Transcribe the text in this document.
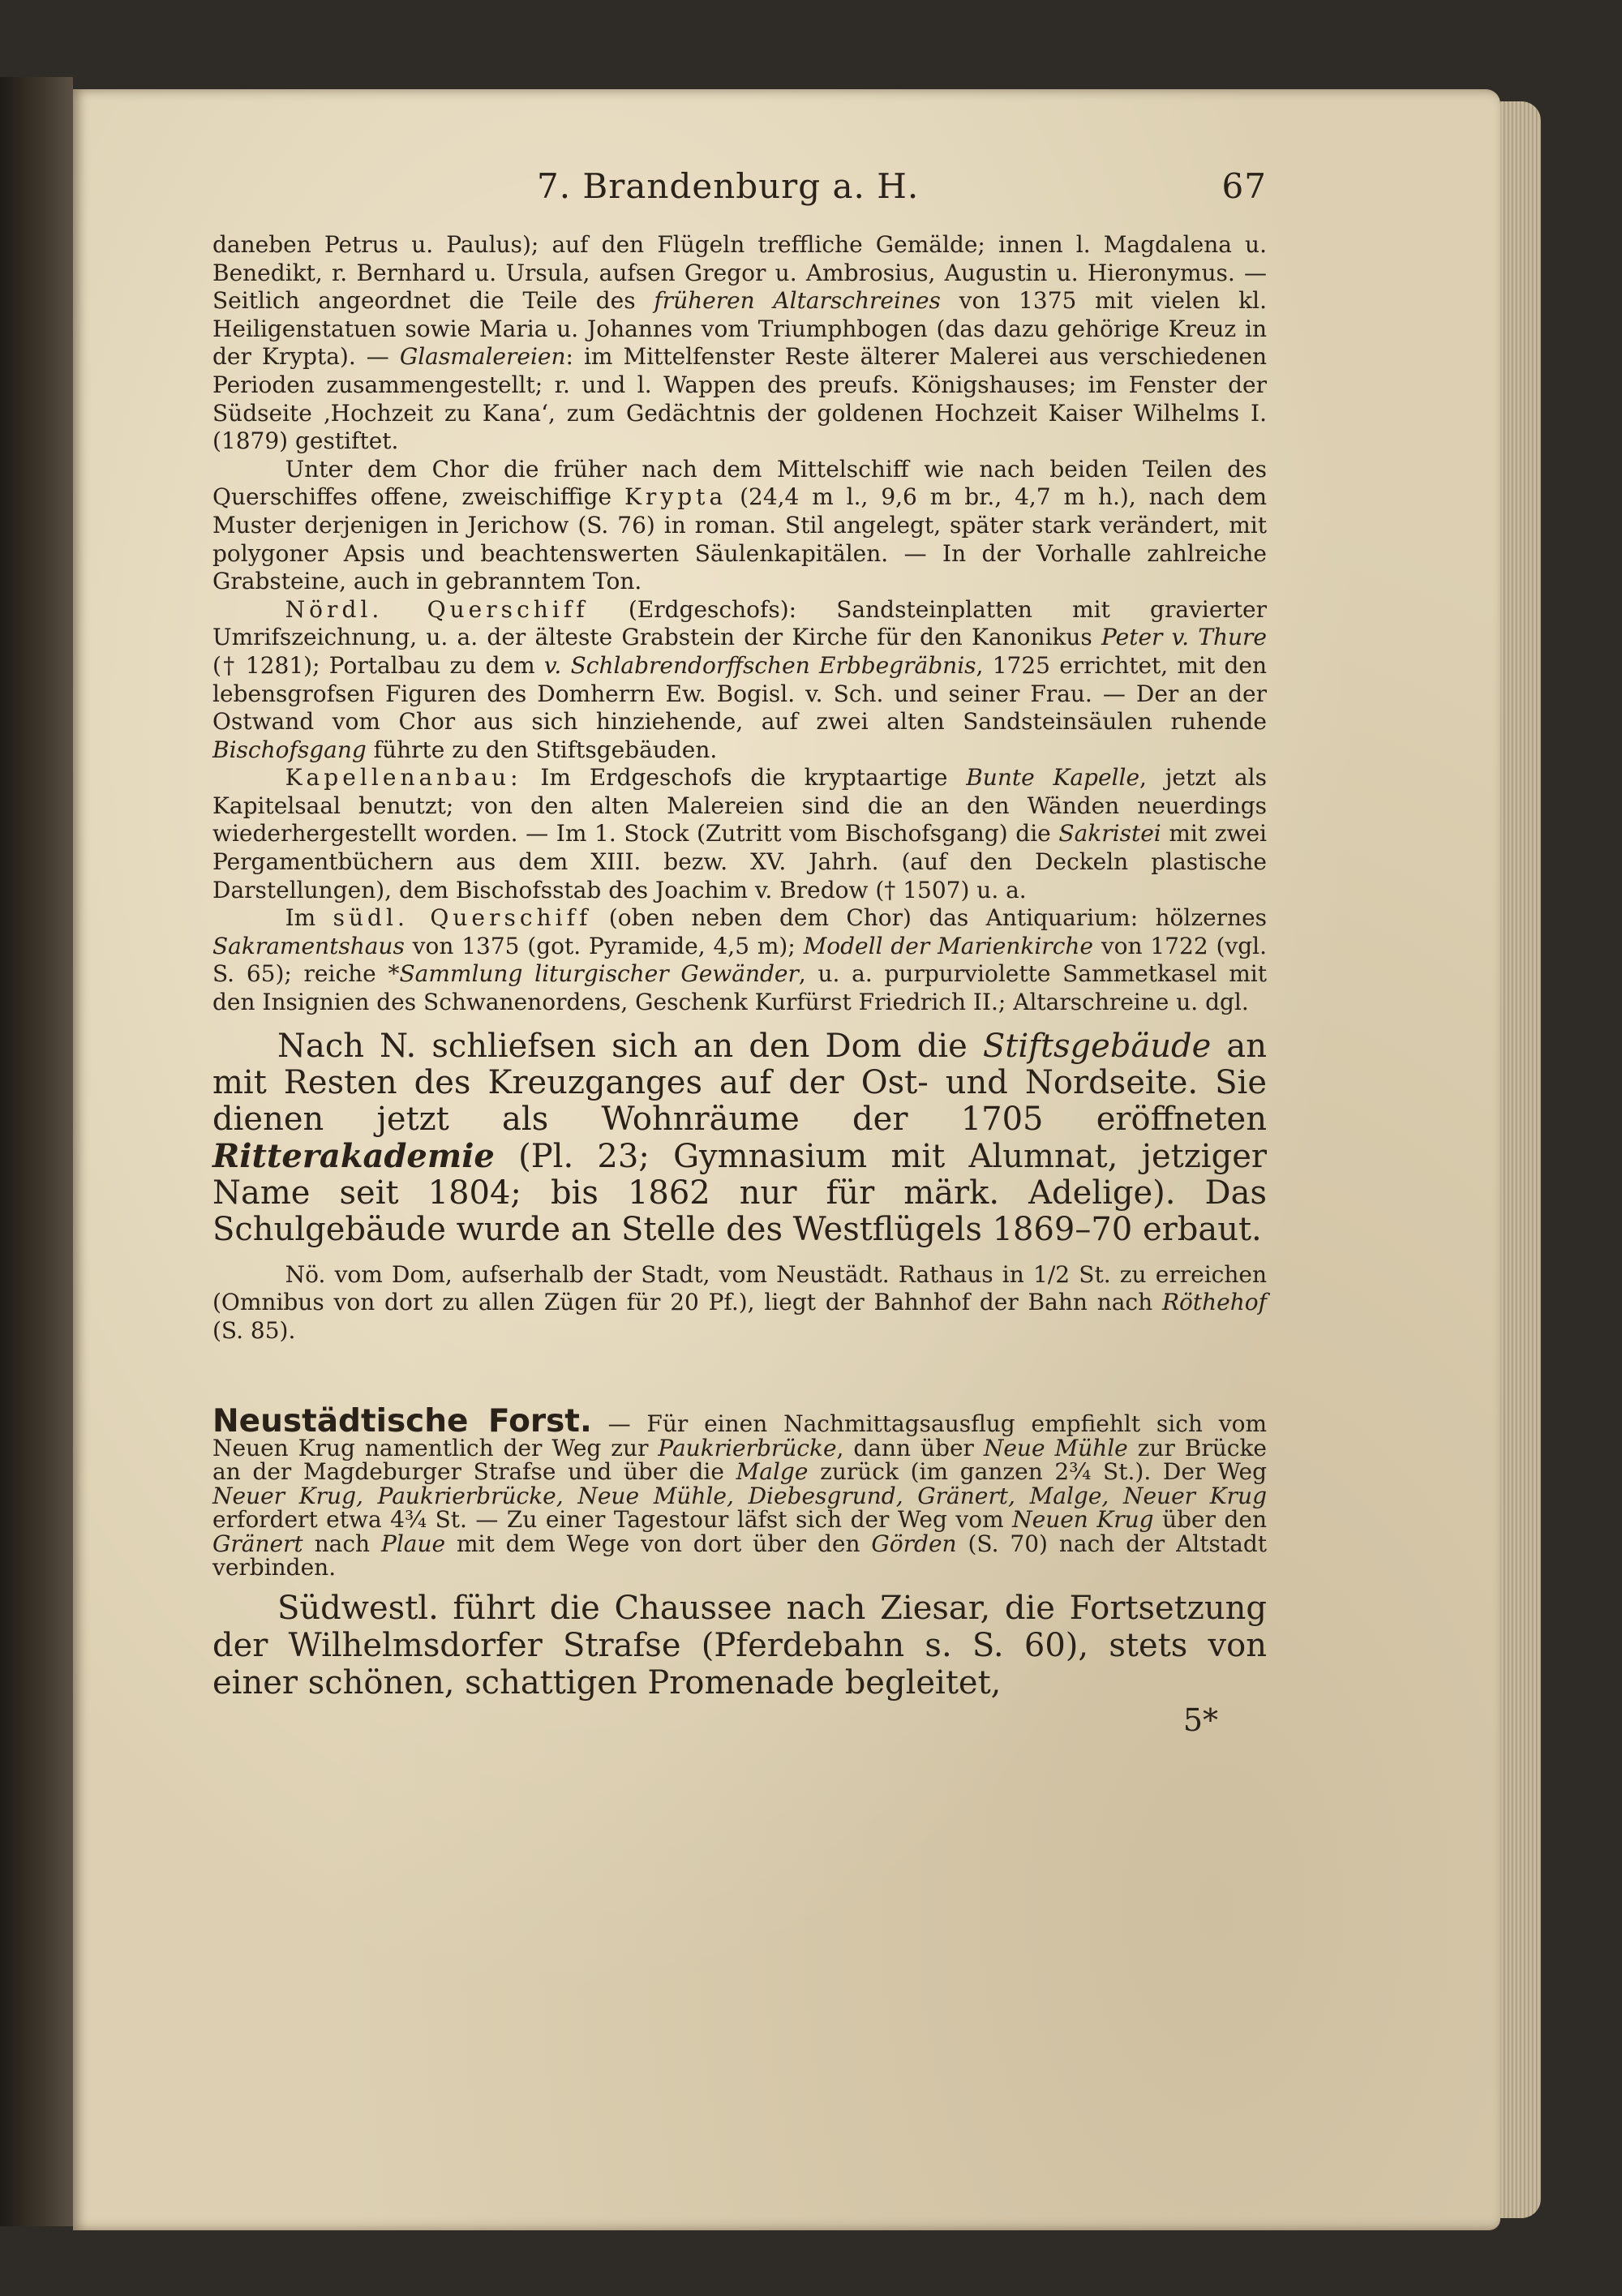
7. Brandenburg a. H.	67

daneben Petrus u. Paulus); auf den Flügeln treffliche Gemälde; innen l. Magdalena u. Benedikt, r. Bernhard u. Ursula, aufsen Gregor u. Ambrosius, Augustin u. Hieronymus. — Seitlich angeordnet die Teile des früheren Altarschreines von 1375 mit vielen kl. Heiligenstatuen sowie Maria u. Johannes vom Triumphbogen (das dazu gehörige Kreuz in der Krypta). — Glasmalereien: im Mittelfenster Reste älterer Malerei aus verschiedenen Perioden zusammengestellt; r. und l. Wappen des preufs. Königshauses; im Fenster der Südseite ‚Hochzeit zu Kana‘, zum Gedächtnis der goldenen Hochzeit Kaiser Wilhelms I. (1879) gestiftet.

Unter dem Chor die früher nach dem Mittelschiff wie nach beiden Teilen des Querschiffes offene, zweischiffige Krypta (24,4 m l., 9,6 m br., 4,7 m h.), nach dem Muster derjenigen in Jerichow (S. 76) in roman. Stil angelegt, später stark verändert, mit polygoner Apsis und beachtenswerten Säulenkapitälen. — In der Vorhalle zahlreiche Grabsteine, auch in gebranntem Ton.

Nördl. Querschiff (Erdgeschofs): Sandsteinplatten mit gravierter Umrifszeichnung, u. a. der älteste Grabstein der Kirche für den Kanonikus Peter v. Thure († 1281); Portalbau zu dem v. Schlabrendorffschen Erbbegräbnis, 1725 errichtet, mit den lebensgrofsen Figuren des Domherrn Ew. Bogisl. v. Sch. und seiner Frau. — Der an der Ostwand vom Chor aus sich hinziehende, auf zwei alten Sandsteinsäulen ruhende Bischofsgang führte zu den Stiftsgebäuden.

Kapellenanbau: Im Erdgeschofs die kryptaartige Bunte Kapelle, jetzt als Kapitelsaal benutzt; von den alten Malereien sind die an den Wänden neuerdings wiederhergestellt worden. — Im 1. Stock (Zutritt vom Bischofsgang) die Sakristei mit zwei Pergamentbüchern aus dem XIII. bezw. XV. Jahrh. (auf den Deckeln plastische Darstellungen), dem Bischofsstab des Joachim v. Bredow († 1507) u. a.

Im südl. Querschiff (oben neben dem Chor) das Antiquarium: hölzernes Sakramentshaus von 1375 (got. Pyramide, 4,5 m); Modell der Marienkirche von 1722 (vgl. S. 65); reiche *Sammlung liturgischer Gewänder, u. a. purpurviolette Sammetkasel mit den Insignien des Schwanenordens, Geschenk Kurfürst Friedrich II.; Altarschreine u. dgl.

Nach N. schliefsen sich an den Dom die Stiftsgebäude an mit Resten des Kreuzganges auf der Ost- und Nordseite. Sie dienen jetzt als Wohnräume der 1705 eröffneten Ritterakademie (Pl. 23; Gymnasium mit Alumnat, jetziger Name seit 1804; bis 1862 nur für märk. Adelige). Das Schulgebäude wurde an Stelle des Westflügels 1869–70 erbaut.

Nö. vom Dom, aufserhalb der Stadt, vom Neustädt. Rathaus in 1/2 St. zu erreichen (Omnibus von dort zu allen Zügen für 20 Pf.), liegt der Bahnhof der Bahn nach Röthehof (S. 85).

Neustädtische Forst. — Für einen Nachmittagsausflug empfiehlt sich vom Neuen Krug namentlich der Weg zur Paukrierbrücke, dann über Neue Mühle zur Brücke an der Magdeburger Strafse und über die Malge zurück (im ganzen 2¾ St.). Der Weg Neuer Krug, Paukrierbrücke, Neue Mühle, Diebesgrund, Gränert, Malge, Neuer Krug erfordert etwa 4¾ St. — Zu einer Tagestour läfst sich der Weg vom Neuen Krug über den Gränert nach Plaue mit dem Wege von dort über den Görden (S. 70) nach der Altstadt verbinden.

Südwestl. führt die Chaussee nach Ziesar, die Fortsetzung der Wilhelmsdorfer Strafse (Pferdebahn s. S. 60), stets von einer schönen, schattigen Promenade begleitet,

5*
